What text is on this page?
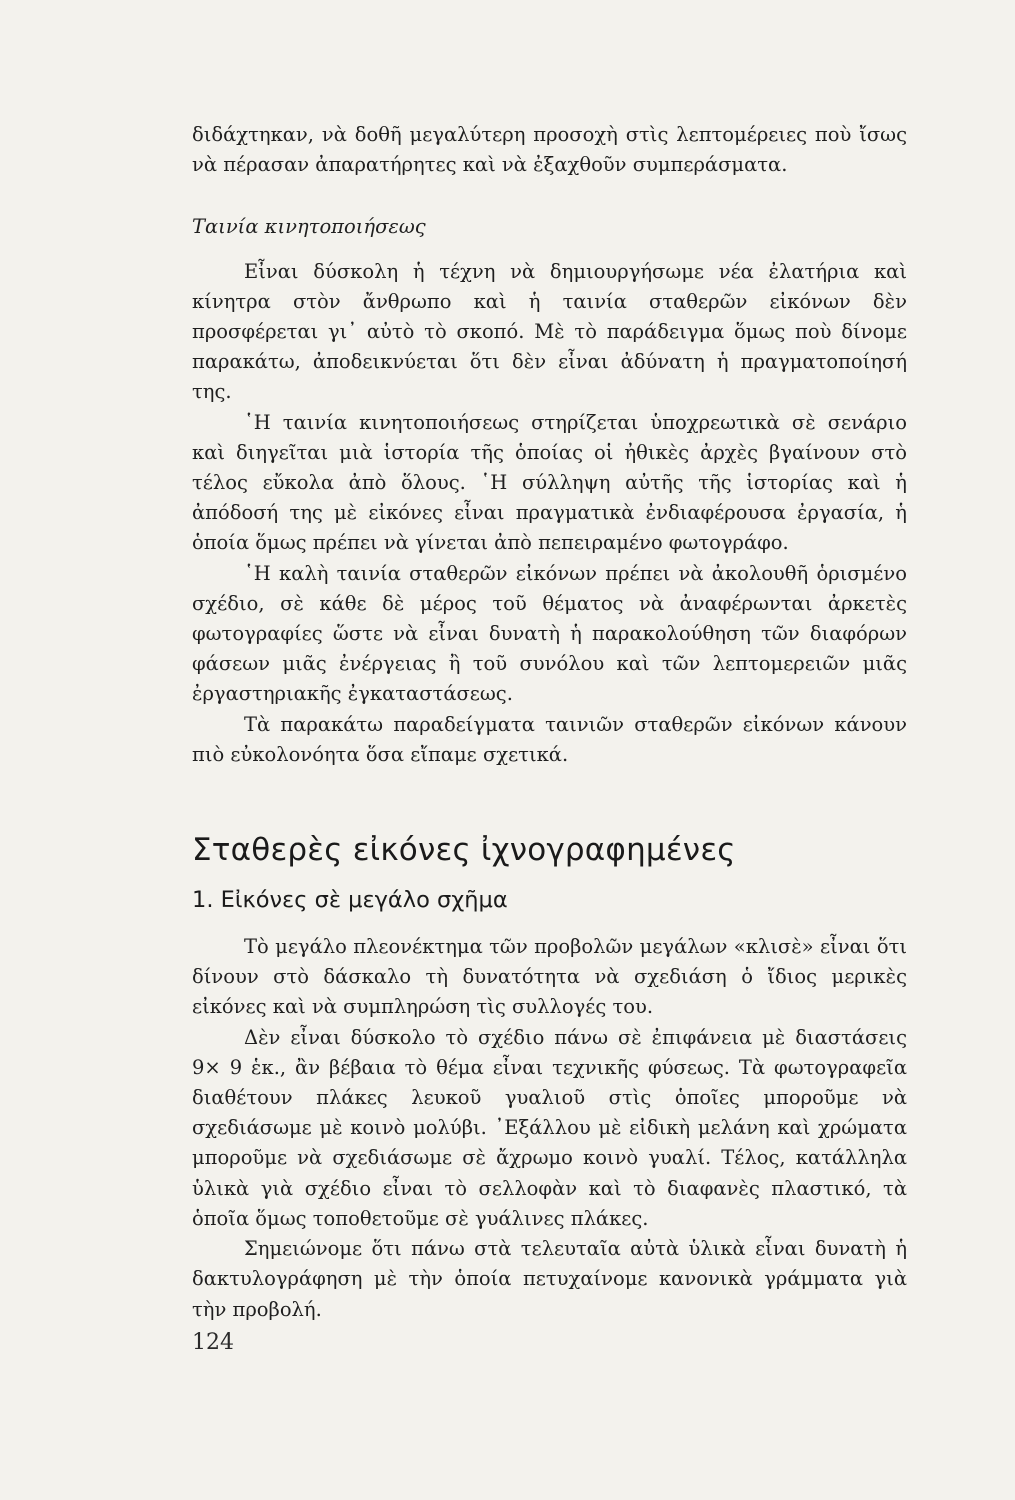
διδάχτηκαν, νὰ δοθῆ μεγαλύτερη προσοχὴ στὶς λεπτομέρειες ποὺ ἴσως νὰ πέρασαν ἀπαρατήρητες καὶ νὰ ἐξαχθοῦν συμπεράσματα.

Ταινία κινητοποιήσεως

Εἶναι δύσκολη ἡ τέχνη νὰ δημιουργήσωμε νέα ἐλατήρια καὶ κίνητρα στὸν ἄνθρωπο καὶ ἡ ταινία σταθερῶν εἰκόνων δὲν προσφέρεται γι᾽ αὐτὸ τὸ σκοπό. Μὲ τὸ παράδειγμα ὅμως ποὺ δίνομε παρακάτω, ἀποδεικνύεται ὅτι δὲν εἶναι ἀδύνατη ἡ πραγματοποίησή της.

῾Η ταινία κινητοποιήσεως στηρίζεται ὑποχρεωτικὰ σὲ σενάριο καὶ διηγεῖται μιὰ ἱστορία τῆς ὁποίας οἱ ἠθικὲς ἀρχὲς βγαίνουν στὸ τέλος εὔκολα ἀπὸ ὅλους. ῾Η σύλληψη αὐτῆς τῆς ἱστορίας καὶ ἡ ἀπόδοσή της μὲ εἰκόνες εἶναι πραγματικὰ ἐνδιαφέρουσα ἐργασία, ἡ ὁποία ὅμως πρέπει νὰ γίνεται ἀπὸ πεπειραμένο φωτογράφο.

῾Η καλὴ ταινία σταθερῶν εἰκόνων πρέπει νὰ ἀκολουθῆ ὁρισμένο σχέδιο, σὲ κάθε δὲ μέρος τοῦ θέματος νὰ ἀναφέρωνται ἀρκετὲς φωτογραφίες ὥστε νὰ εἶναι δυνατὴ ἡ παρακολούθηση τῶν διαφόρων φάσεων μιᾶς ἐνέργειας ἢ τοῦ συνόλου καὶ τῶν λεπτομερειῶν μιᾶς ἐργαστηριακῆς ἐγκαταστάσεως.

Τὰ παρακάτω παραδείγματα ταινιῶν σταθερῶν εἰκόνων κάνουν πιὸ εὐκολονόητα ὅσα εἴπαμε σχετικά.

Σταθερὲς εἰκόνες ἰχνογραφημένες
1. Εἰκόνες σὲ μεγάλο σχῆμα

Τὸ μεγάλο πλεονέκτημα τῶν προβολῶν μεγάλων «κλισὲ» εἶναι ὅτι δίνουν στὸ δάσκαλο τὴ δυνατότητα νὰ σχεδιάση ὁ ἴδιος μερικὲς εἰκόνες καὶ νὰ συμπληρώση τὶς συλλογές του.

Δὲν εἶναι δύσκολο τὸ σχέδιο πάνω σὲ ἐπιφάνεια μὲ διαστάσεις 9× 9 ἑκ., ἂν βέβαια τὸ θέμα εἶναι τεχνικῆς φύσεως. Τὰ φωτογραφεῖα διαθέτουν πλάκες λευκοῦ γυαλιοῦ στὶς ὁποῖες μποροῦμε νὰ σχεδιάσωμε μὲ κοινὸ μολύβι. ᾽Εξάλλου μὲ εἰδικὴ μελάνη καὶ χρώματα μποροῦμε νὰ σχεδιάσωμε σὲ ἄχρωμο κοινὸ γυαλί. Τέλος, κατάλληλα ὑλικὰ γιὰ σχέδιο εἶναι τὸ σελλοφὰν καὶ τὸ διαφανὲς πλαστικό, τὰ ὁποῖα ὅμως τοποθετοῦμε σὲ γυάλινες πλάκες.

Σημειώνομε ὅτι πάνω στὰ τελευταῖα αὐτὰ ὑλικὰ εἶναι δυνατὴ ἡ δακτυλογράφηση μὲ τὴν ὁποία πετυχαίνομε κανονικὰ γράμματα γιὰ τὴν προβολή.

124
